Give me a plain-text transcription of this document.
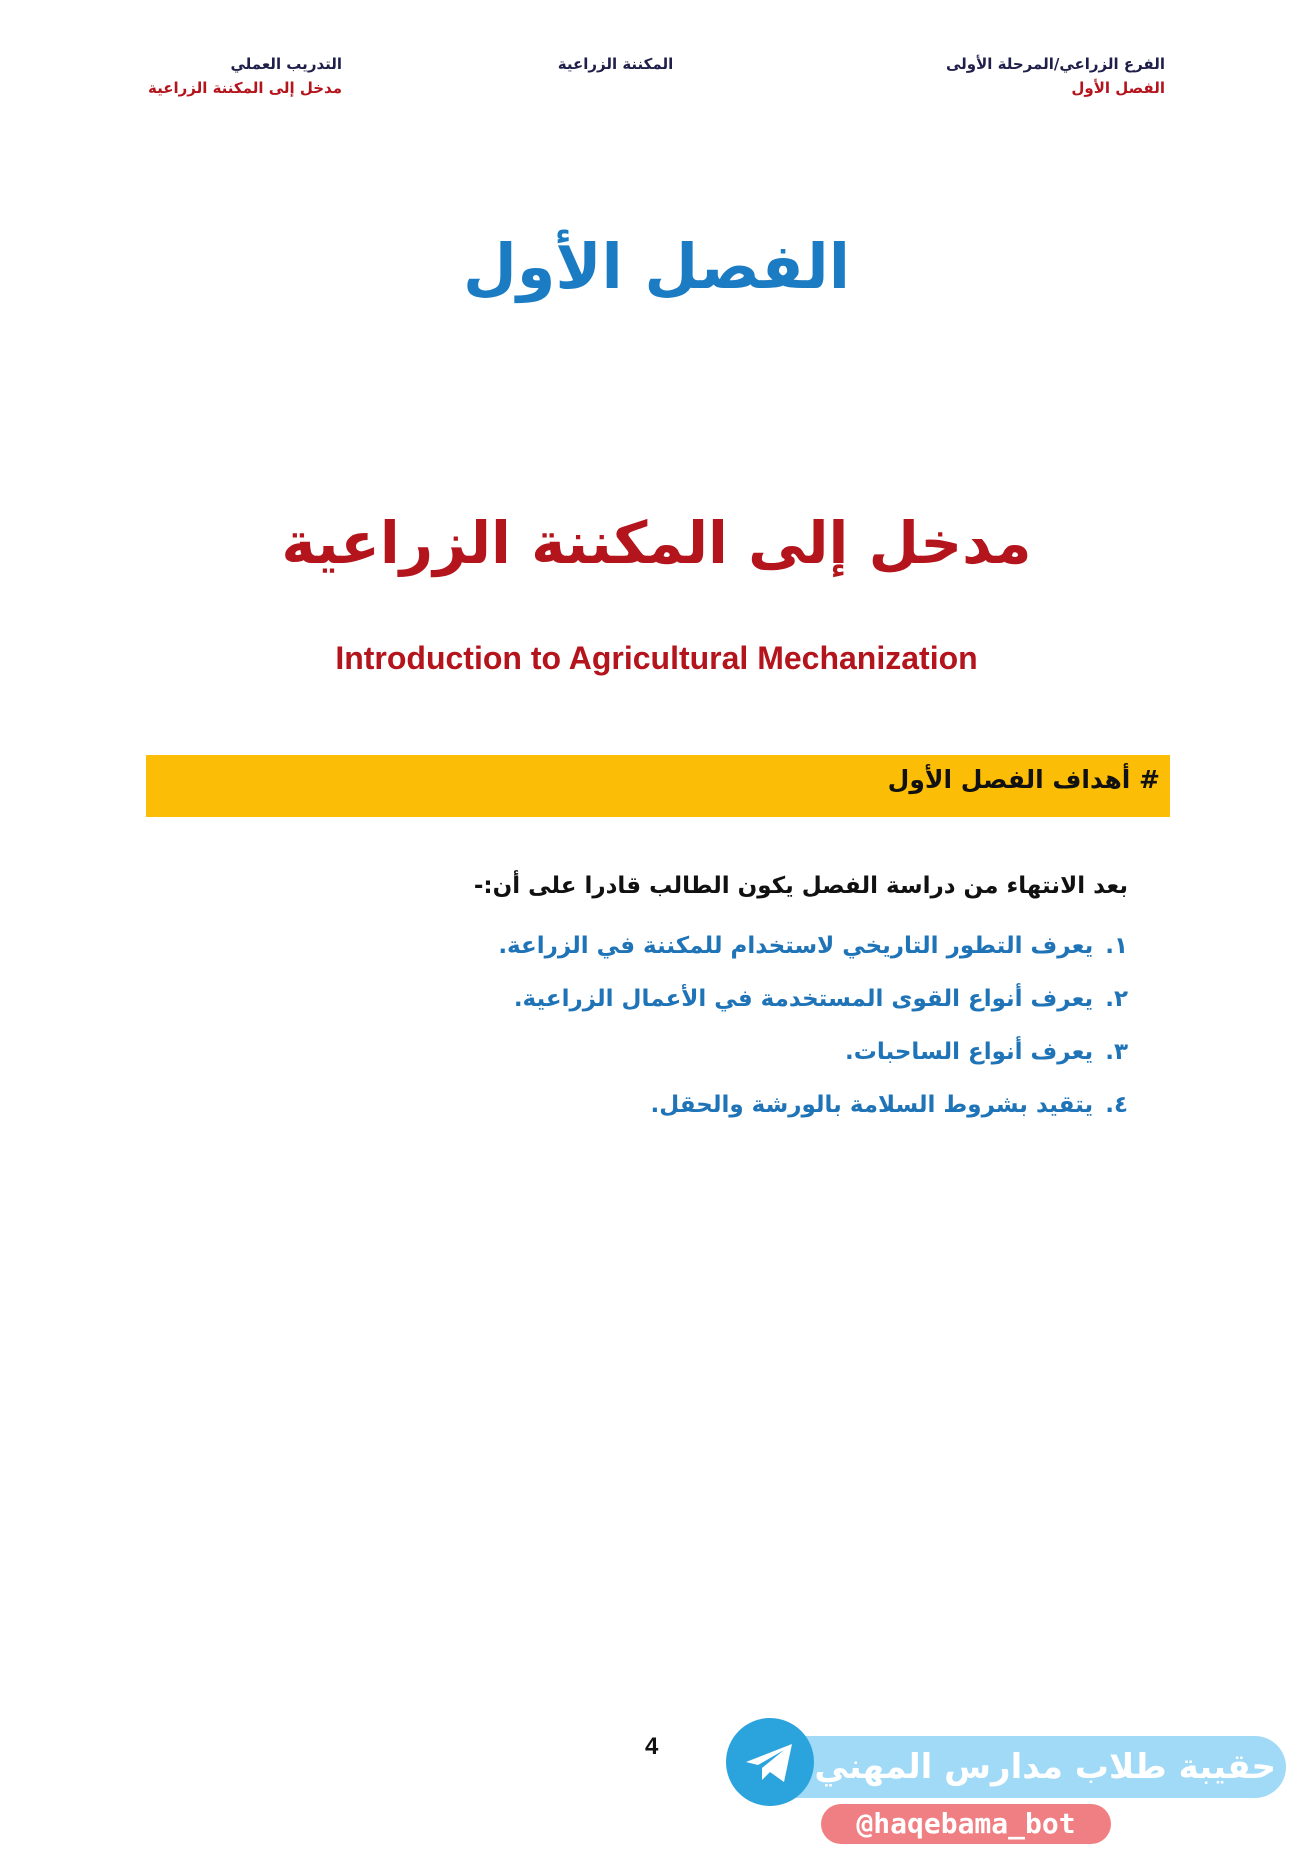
الفرع الزراعي/المرحلة الأولى
الفصل الأول
المكننة الزراعية
التدريب العملي
مدخل إلى المكننة الزراعية
الفصل الأول
مدخل إلى المكننة الزراعية
Introduction to Agricultural Mechanization
# أهداف الفصل الأول
بعد الانتهاء من دراسة الفصل يكون الطالب قادرا على أن:-
١.يعرف التطور التاريخي لاستخدام للمكننة في الزراعة.
٢.يعرف أنواع القوى المستخدمة في الأعمال الزراعية.
٣.يعرف أنواع الساحبات.
٤.يتقيد بشروط السلامة بالورشة والحقل.
4
حقيبة طلاب مدارس المهني
@haqebama_bot
